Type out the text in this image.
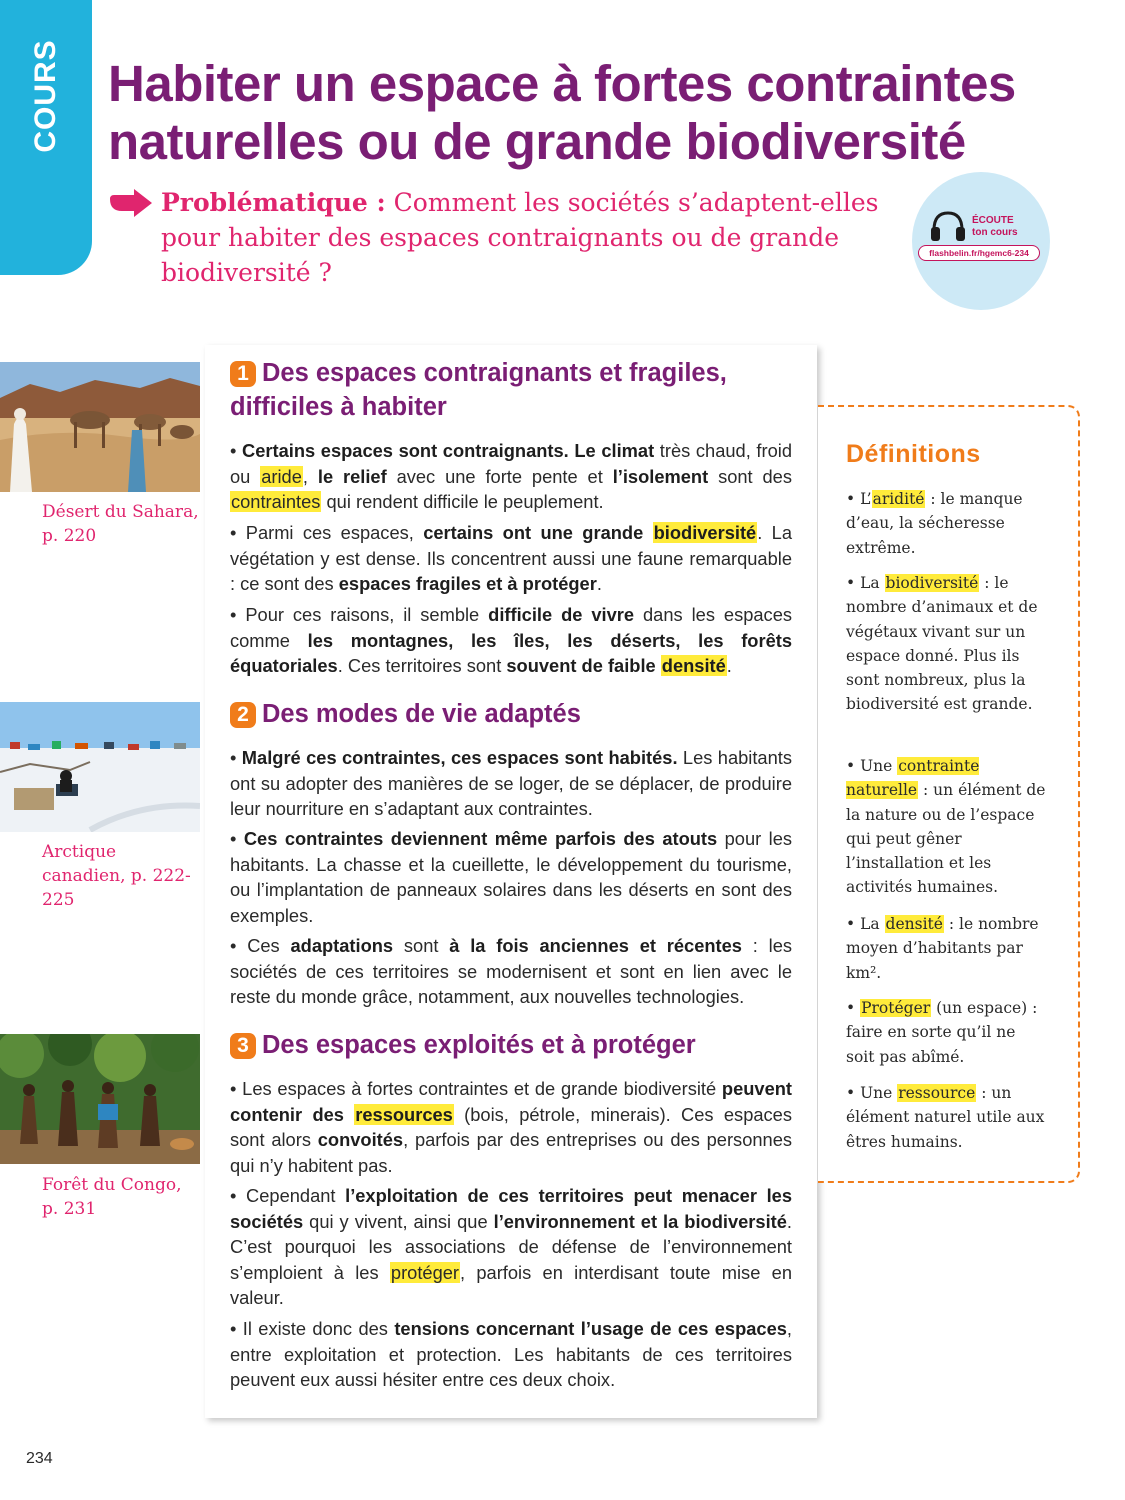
COURS Habiter un espace à fortes contraintes naturelles ou de grande biodiversité
Problématique : Comment les sociétés s’adaptent-elles pour habiter des espaces contraignants ou de grande biodiversité ?
ÉCOUTE
ton cours
flashbelin.fr/hgemc6-234
Désert du Sahara, p. 220
Arctique canadien, p. 222-225
Forêt du Congo, p. 231
1 Des espaces contraignants et fragiles, difficiles à habiter

• Certains espaces sont contraignants. Le climat très chaud, froid ou aride, le relief avec une forte pente et l’isolement sont des contraintes qui rendent difficile le peuplement.

• Parmi ces espaces, certains ont une grande biodiversité. La végétation y est dense. Ils concentrent aussi une faune remarquable : ce sont des espaces fragiles et à protéger.

• Pour ces raisons, il semble difficile de vivre dans les espaces comme les montagnes, les îles, les déserts, les forêts équatoriales. Ces territoires sont souvent de faible densité.

2 Des modes de vie adaptés

• Malgré ces contraintes, ces espaces sont habités. Les habitants ont su adopter des manières de se loger, de se déplacer, de produire leur nourriture en s’adaptant aux contraintes.

• Ces contraintes deviennent même parfois des atouts pour les habitants. La chasse et la cueillette, le développement du tourisme, ou l’implantation de panneaux solaires dans les déserts en sont des exemples.

• Ces adaptations sont à la fois anciennes et récentes : les sociétés de ces territoires se modernisent et sont en lien avec le reste du monde grâce, notamment, aux nouvelles technologies.

3 Des espaces exploités et à protéger

• Les espaces à fortes contraintes et de grande biodiversité peuvent contenir des ressources (bois, pétrole, minerais). Ces espaces sont alors convoités, parfois par des entreprises ou des personnes qui n’y habitent pas.

• Cependant l’exploitation de ces territoires peut menacer les sociétés qui y vivent, ainsi que l’environnement et la biodiversité. C’est pourquoi les associations de défense de l’environnement s’emploient à les protéger, parfois en interdisant toute mise en valeur.

• Il existe donc des tensions concernant l’usage de ces espaces, entre exploitation et protection. Les habitants de ces territoires peuvent eux aussi hésiter entre ces deux choix.

Définitions

• L’aridité : le manque d’eau, la sécheresse extrême.

• La biodiversité : le nombre d’animaux et de végétaux vivant sur un espace donné. Plus ils sont nombreux, plus la biodiversité est grande.

• Une contrainte naturelle : un élément de la nature ou de l’espace qui peut gêner l’installation et les activités humaines.

• La densité : le nombre moyen d’habitants par km².

• Protéger (un espace) : faire en sorte qu’il ne soit pas abîmé.

• Une ressource : un élément naturel utile aux êtres humains.

234
